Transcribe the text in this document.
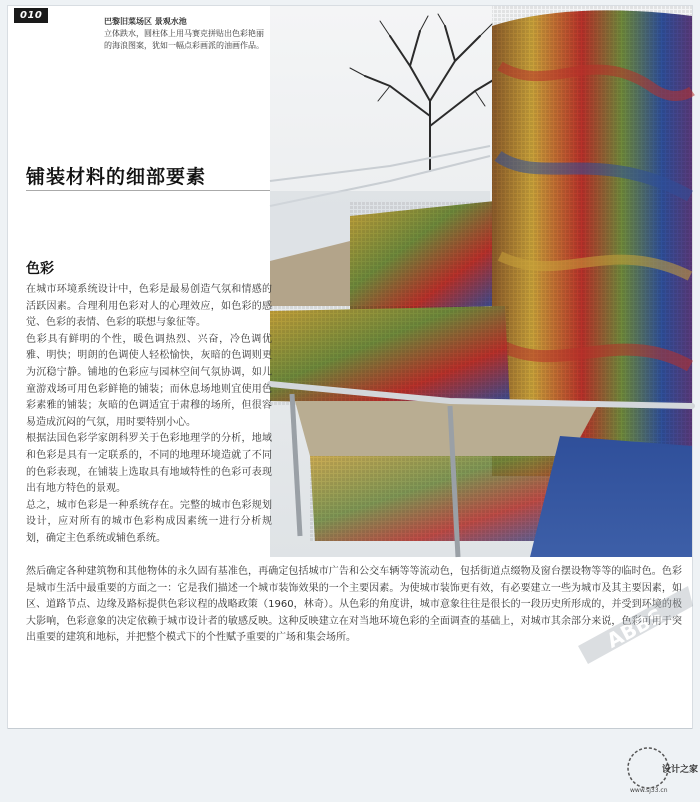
010
巴黎旧菜场区 景观水池
立体跌水，圆柱体上用马赛克拼贴出色彩艳丽的海浪图案，犹如一幅点彩画派的油画作品。
铺装材料的细部要素
色彩

在城市环境系统设计中，色彩是最易创造气氛和情感的活跃因素。合理利用色彩对人的心理效应，如色彩的感觉、色彩的表情、色彩的联想与象征等。

色彩具有鲜明的个性，暖色调热烈、兴奋，冷色调优雅、明快；明朗的色调使人轻松愉快，灰暗的色调则更为沉稳宁静。铺地的色彩应与园林空间气氛协调，如儿童游戏场可用色彩鲜艳的铺装；而休息场地则宜使用色彩素雅的铺装；灰暗的色调适宜于肃穆的场所，但很容易造成沉闷的气氛，用时要特别小心。

根据法国色彩学家朗科罗关于色彩地理学的分析，地域和色彩是具有一定联系的，不同的地理环境造就了不同的色彩表现，在铺装上选取具有地域特性的色彩可表现出有地方特色的景观。

总之，城市色彩是一种系统存在。完整的城市色彩规划设计，应对所有的城市色彩构成因素统一进行分析规划，确定主色系统或辅色系统。

然后确定各种建筑物和其他物体的永久固有基准色，再确定包括城市广告和公交车辆等等流动色，包括街道点缀物及窗台摆设物等等的临时色。色彩是城市生活中最重要的方面之一：它是我们描述一个城市装饰效果的一个主要因素。为使城市装饰更有效，有必要建立一些为城市及其主要因素，如区、道路节点、边缘及路标提供色彩议程的战略政策（1960，林奇）。从色彩的角度讲，城市意象往往是很长的一段历史所形成的，并受到环境的极大影响，色彩意象的决定依赖于城市设计者的敏感反映。这种反映建立在对当地环境色彩的全面调查的基础上，对城市其余部分来说，色彩可用于突出重要的建筑和地标，并把整个模式下的个性赋予重要的广场和集会场所。	ABBS
设计之家
www.sj33.cn
